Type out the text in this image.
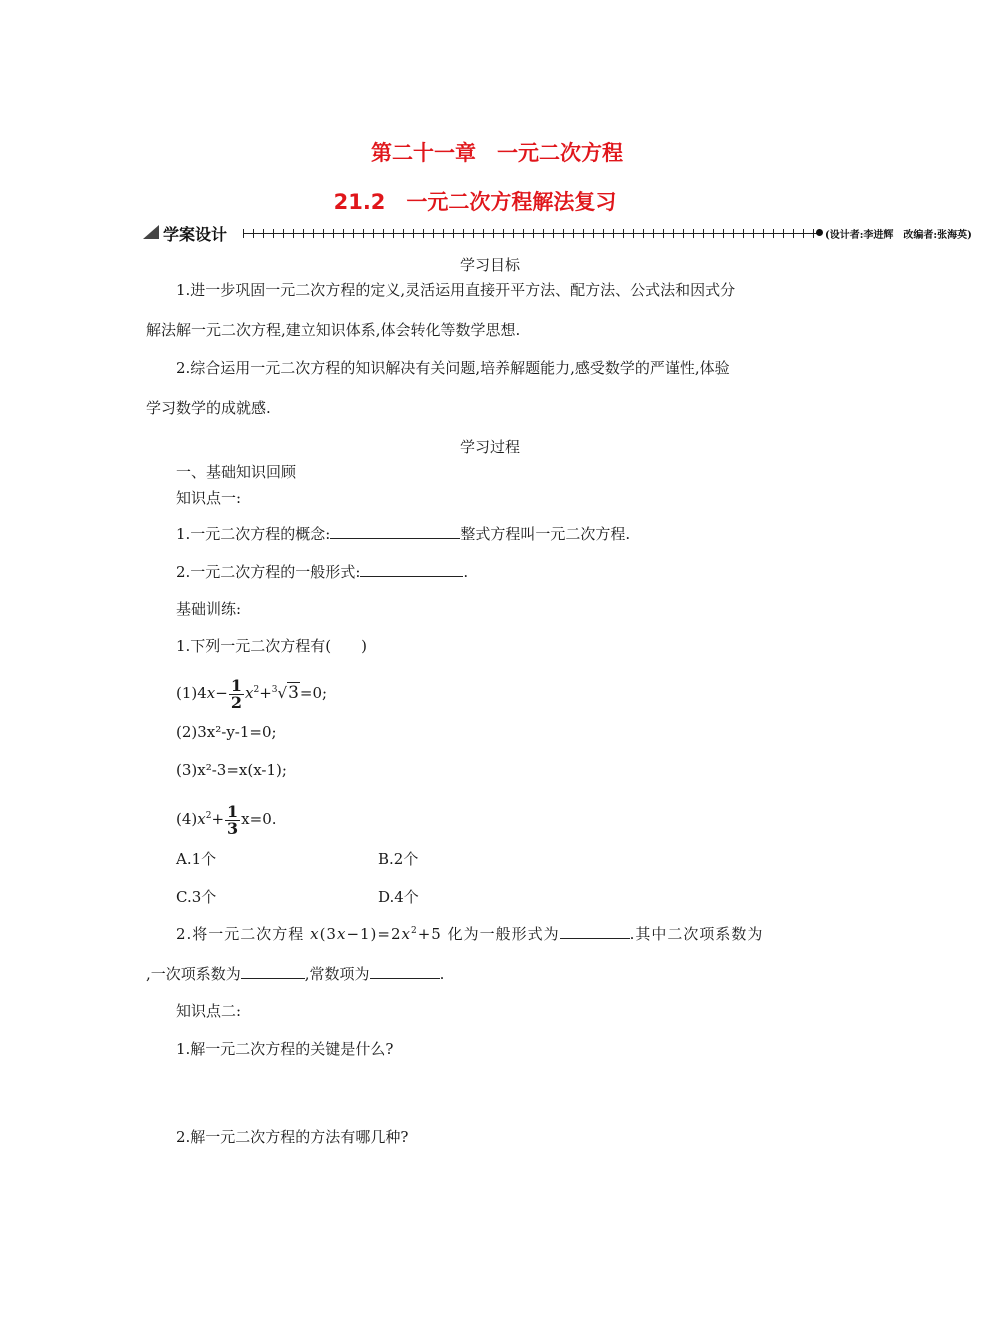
第二十一章　一元二次方程
21.2　一元二次方程解法复习
学案设计	(设计者:李进辉　改编者:张海英)
学习目标
1.进一步巩固一元二次方程的定义,灵活运用直接开平方法、配方法、公式法和因式分
解法解一元二次方程,建立知识体系,体会转化等数学思想.
2.综合运用一元二次方程的知识解决有关问题,培养解题能力,感受数学的严谨性,体验
学习数学的成就感.
学习过程
一、基础知识回顾
知识点一:
1.一元二次方程的概念:	整式方程叫一元二次方程.
2.一元二次方程的一般形式:	.
基础训练:
1.下列一元二次方程有(　　)
$(1)4x- \frac{1}{2} x^2+^3√3=0$;
(2)3x²-y-1=0;
(3)x²-3=x(x-1);
$(4)x^2+ \frac{1}{3} x=0$.
A.1个	B.2个
C.3个	D.4个
2.将一元二次方程 $x(3x-1)=2x^2+5$ 化为一般形式为	.其中二次项系数为
,一次项系数为	,常数项为	.
知识点二:
1.解一元二次方程的关键是什么?
2.解一元二次方程的方法有哪几种?
